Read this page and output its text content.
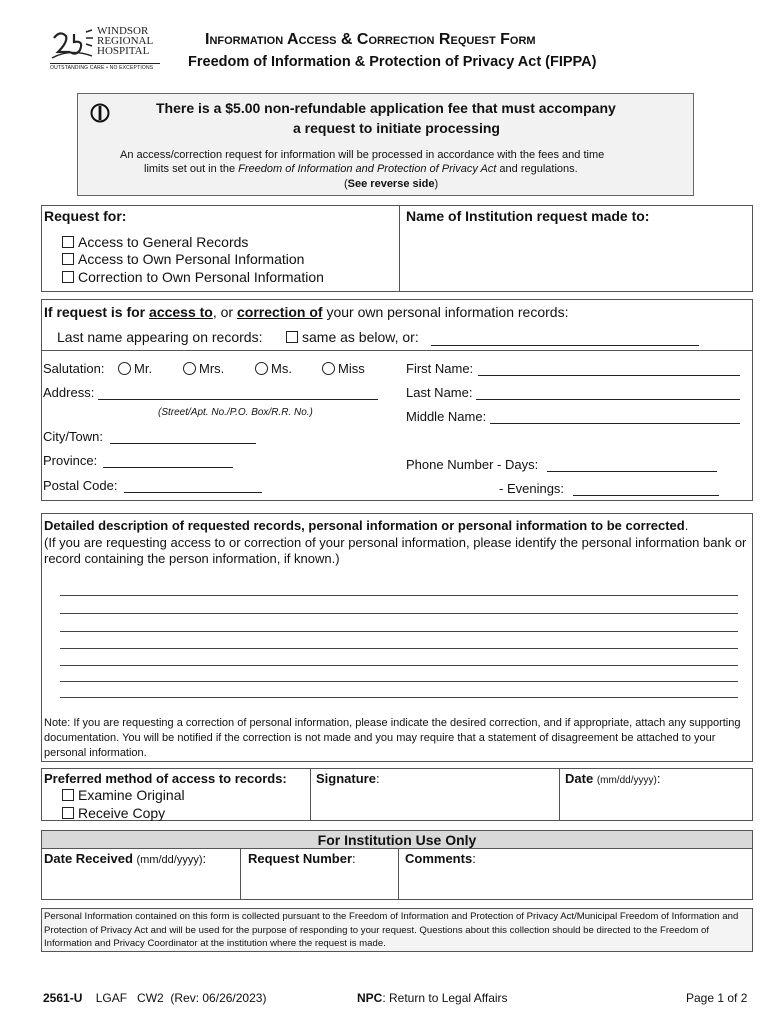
WINDSOR
REGIONAL
HOSPITAL
OUTSTANDING CARE • NO EXCEPTIONS
Information Access & Correction Request Form
Freedom of Information & Protection of Privacy Act (FIPPA)
There is a $5.00 non-refundable application fee that must accompany
a request to initiate processing
An access/correction request for information will be processed in accordance with the fees and time
limits set out in the Freedom of Information and Protection of Privacy Act and regulations.
(See reverse side)
Request for:	Name of Institution request made to:
Access to General Records
Access to Own Personal Information
Correction to Own Personal Information
If request is for access to, or correction of your own personal information records:
Last name appearing on records:	same as below, or:
Salutation:	Mr.	Mrs.	Ms.	Miss
Address:
(Street/Apt. No./P.O. Box/R.R. No.)
City/Town:
Province:
Postal Code:
First Name:
Last Name:
Middle Name:
Phone Number - Days:
- Evenings:
Detailed description of requested records, personal information or personal information to be corrected.
(If you are requesting access to or correction of your personal information, please identify the personal information bank or record containing the person information, if known.)
Note: If you are requesting a correction of personal information, please indicate the desired correction, and if appropriate, attach any supporting documentation. You will be notified if the correction is not made and you may require that a statement of disagreement be attached to your personal information.
Preferred method of access to records:
Examine Original
Receive Copy
Signature:	Date (mm/dd/yyyy):
For Institution Use Only
Date Received (mm/dd/yyyy):	Request Number:	Comments:
Personal Information contained on this form is collected pursuant to the Freedom of Information and Protection of Privacy Act/Municipal Freedom of Information and Protection of Privacy Act and will be used for the purpose of responding to your request. Questions about this collection should be directed to the Freedom of Information and Privacy Coordinator at the institution where the request is made.
2561-U LGAF   CW2  (Rev: 06/26/2023)	NPC: Return to Legal Affairs	Page 1 of 2
